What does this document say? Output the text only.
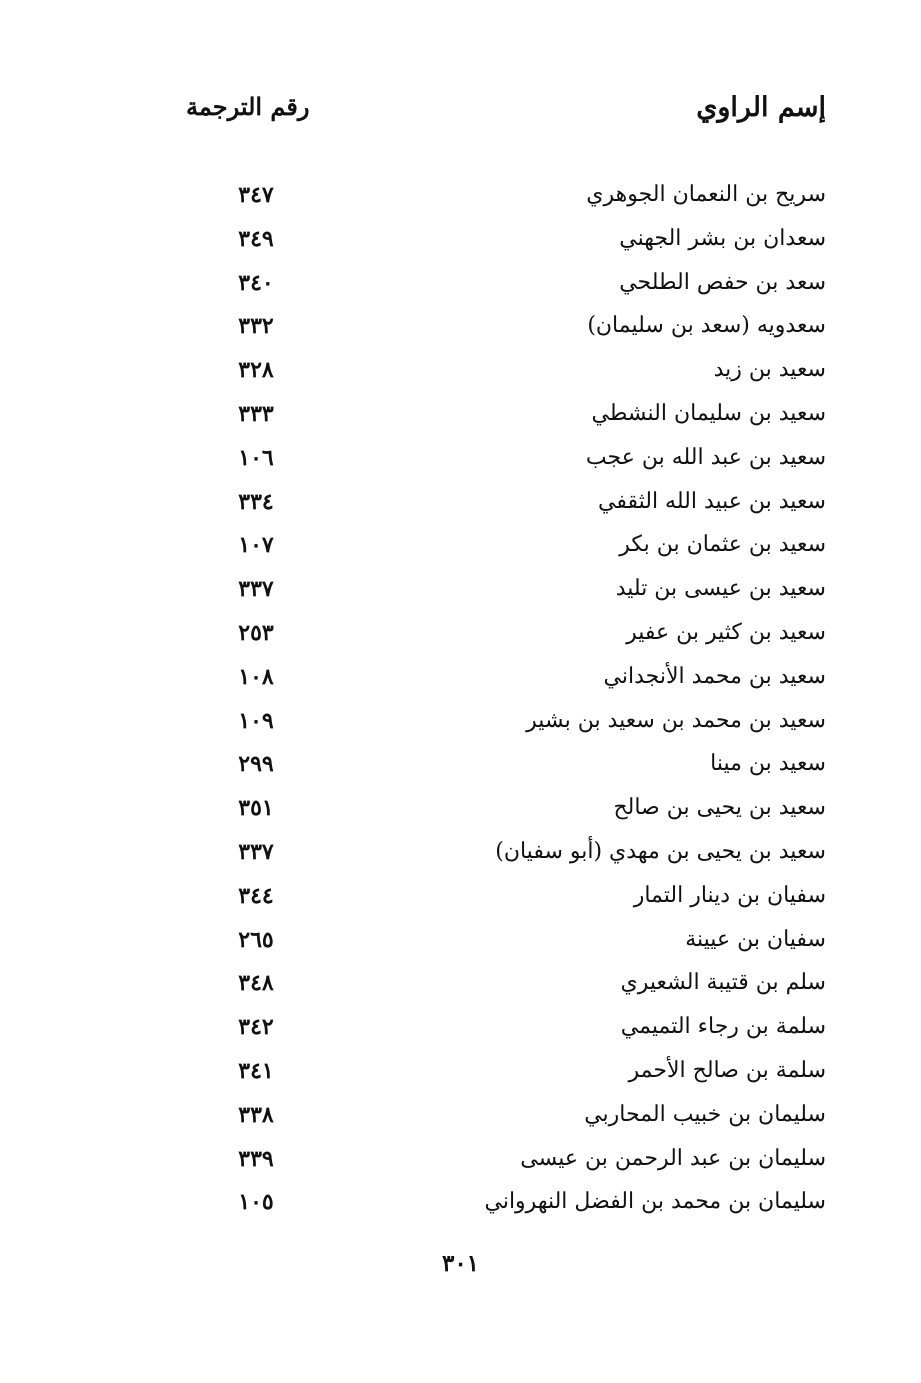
إسم الراوي
رقم الترجمة
سريح بن النعمان الجوهري
٣٤٧
سعدان بن بشر الجهني
٣٤٩
سعد بن حفص الطلحي
٣٤٠
سعدويه (سعد بن سليمان)
٣٣٢
سعيد بن زيد
٣٢٨
سعيد بن سليمان النشطي
٣٣٣
سعيد بن عبد الله بن عجب
١٠٦
سعيد بن عبيد الله الثقفي
٣٣٤
سعيد بن عثمان بن بكر
١٠٧
سعيد بن عيسى بن تليد
٣٣٧
سعيد بن كثير بن عفير
٢٥٣
سعيد بن محمد الأنجداني
١٠٨
سعيد بن محمد بن سعيد بن بشير
١٠٩
سعيد بن مينا
٢٩٩
سعيد بن يحيى بن صالح
٣٥١
سعيد بن يحيى بن مهدي (أبو سفيان)
٣٣٧
سفيان بن دينار التمار
٣٤٤
سفيان بن عيينة
٢٦٥
سلم بن قتيبة الشعيري
٣٤٨
سلمة بن رجاء التميمي
٣٤٢
سلمة بن صالح الأحمر
٣٤١
سليمان بن خبيب المحاربي
٣٣٨
سليمان بن عبد الرحمن بن عيسى
٣٣٩
سليمان بن محمد بن الفضل النهرواني
١٠٥
٣٠١
